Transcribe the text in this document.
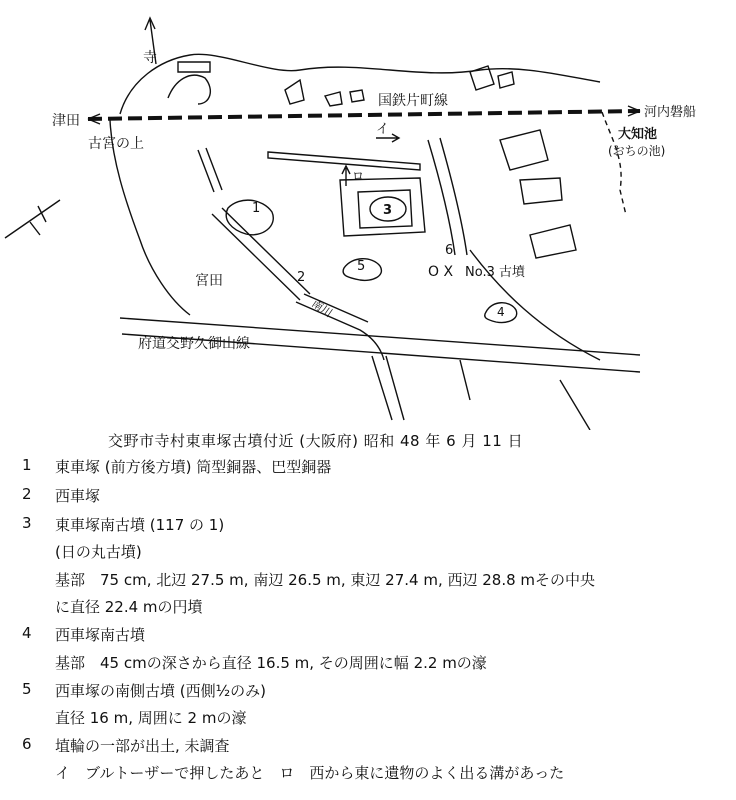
寺
津田
河内磐船
国鉄片町線
古宮の上
大知池
(おちの池)
宮田
府道交野久御山線
南川
イ
ロ
1
2
3
4
5
6
O X No.3 古墳
交野市寺村東車塚古墳付近 (大阪府) 昭和 48 年 6 月 11 日
1 東車塚 (前方後方墳) 筒型銅器、巴型銅器
2 西車塚
3 東車塚南古墳 (117 の 1)
(日の丸古墳)
基部　75 cm, 北辺 27.5 m, 南辺 26.5 m, 東辺 27.4 m, 西辺 28.8 mその中央
に直径 22.4 mの円墳
4 西車塚南古墳
基部　45 cmの深さから直径 16.5 m, その周囲に幅 2.2 mの濠
5 西車塚の南側古墳 (西側½のみ)
直径 16 m, 周囲に 2 mの濠
6 埴輪の一部が出土, 未調査
イ　ブルトーザーで押したあと　ロ　西から東に遺物のよく出る溝があった
